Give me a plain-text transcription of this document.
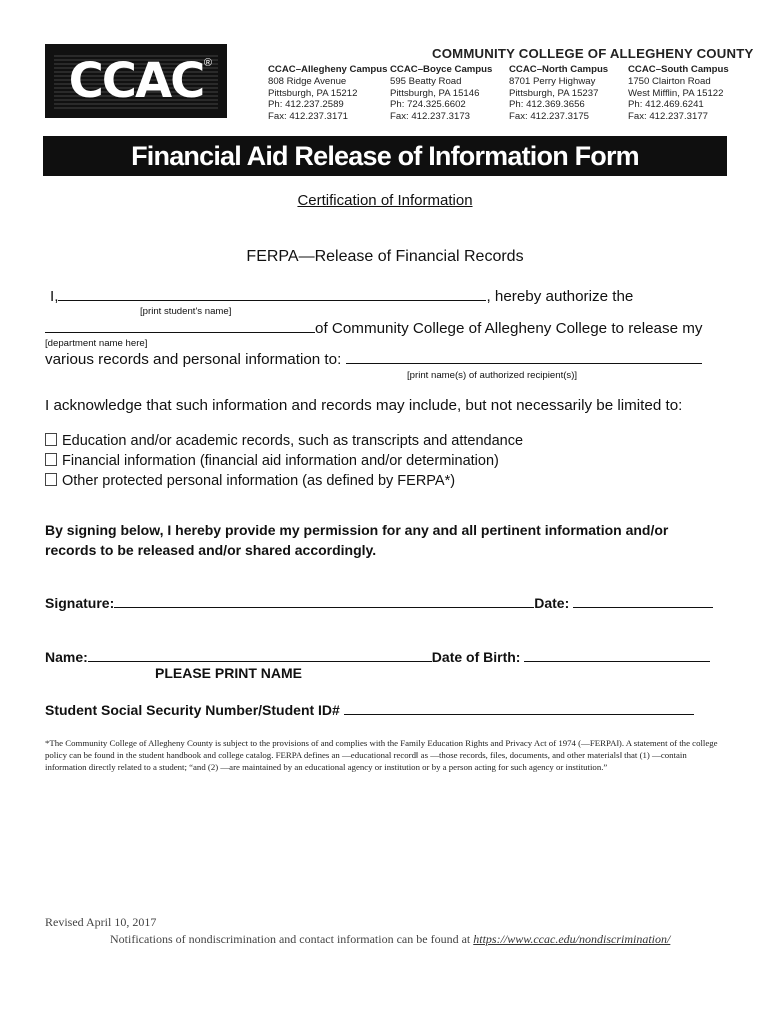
CCAC ®
COMMUNITY COLLEGE OF ALLEGHENY COUNTY
CCAC–Allegheny Campus
808 Ridge Avenue
Pittsburgh, PA 15212
Ph: 412.237.2589
Fax: 412.237.3171
CCAC–Boyce Campus
595 Beatty Road
Pittsburgh, PA 15146
Ph: 724.325.6602
Fax: 412.237.3173
CCAC–North Campus
8701 Perry Highway
Pittsburgh, PA 15237
Ph: 412.369.3656
Fax: 412.237.3175
CCAC–South Campus
1750 Clairton Road
West Mifflin, PA 15122
Ph: 412.469.6241
Fax: 412.237.3177
Financial Aid Release of Information Form
Certification of Information
FERPA—Release of Financial Records
I,	, hereby authorize the
[print student's name]
of Community College of Allegheny College to release my
[department name here]
various records and personal information to:
[print name(s) of authorized recipient(s)]
I acknowledge that such information and records may include, but not necessarily be limited to:
Education and/or academic records, such as transcripts and attendance
Financial information (financial aid information and/or determination)
Other protected personal information (as defined by FERPA*)
By signing below, I hereby provide my permission for any and all pertinent information and/or
records to be released and/or shared accordingly.
Signature:	Date:
Name:	Date of Birth:
PLEASE PRINT NAME
Student Social Security Number/Student ID#
*The Community College of Allegheny County is subject to the provisions of and complies with the Family Education Rights and Privacy Act of 1974 (―FERPA‖). A statement of the college policy can be found in the student handbook and college catalog. FERPA defines an ―educational record‖ as ―those records, files, documents, and other materials‖ that (1) ―contain information directly related to a student; “and (2) ―are maintained by an educational agency or institution or by a person acting for such agency or institution.”
Revised April 10, 2017
Notifications of nondiscrimination and contact information can be found at https://www.ccac.edu/nondiscrimination/
